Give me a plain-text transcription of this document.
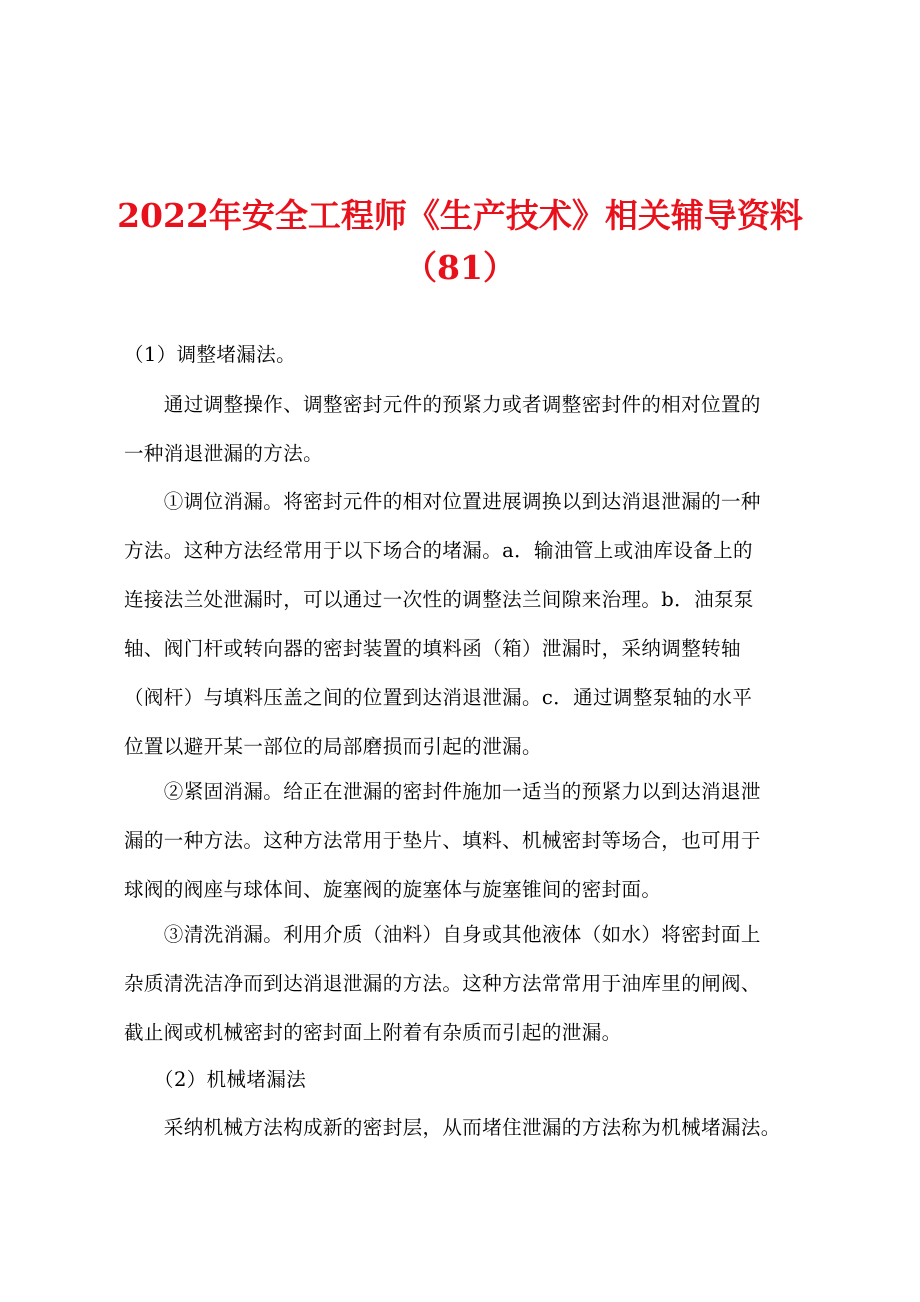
2022年安全工程师《生产技术》相关辅导资料
（81）
（1）调整堵漏法。
　　通过调整操作、调整密封元件的预紧力或者调整密封件的相对位置的
一种消退泄漏的方法。
　　①调位消漏。将密封元件的相对位置进展调换以到达消退泄漏的一种
方法。这种方法经常用于以下场合的堵漏。a．输油管上或油库设备上的
连接法兰处泄漏时，可以通过一次性的调整法兰间隙来治理。b．油泵泵
轴、阀门杆或转向器的密封装置的填料函（箱）泄漏时，采纳调整转轴
（阀杆）与填料压盖之间的位置到达消退泄漏。c．通过调整泵轴的水平
位置以避开某一部位的局部磨损而引起的泄漏。
　　②紧固消漏。给正在泄漏的密封件施加一适当的预紧力以到达消退泄
漏的一种方法。这种方法常用于垫片、填料、机械密封等场合，也可用于
球阀的阀座与球体间、旋塞阀的旋塞体与旋塞锥间的密封面。
　　③清洗消漏。利用介质（油料）自身或其他液体（如水）将密封面上
杂质清洗洁净而到达消退泄漏的方法。这种方法常常用于油库里的闸阀、
截止阀或机械密封的密封面上附着有杂质而引起的泄漏。
　　（2）机械堵漏法
　　采纳机械方法构成新的密封层，从而堵住泄漏的方法称为机械堵漏法。
